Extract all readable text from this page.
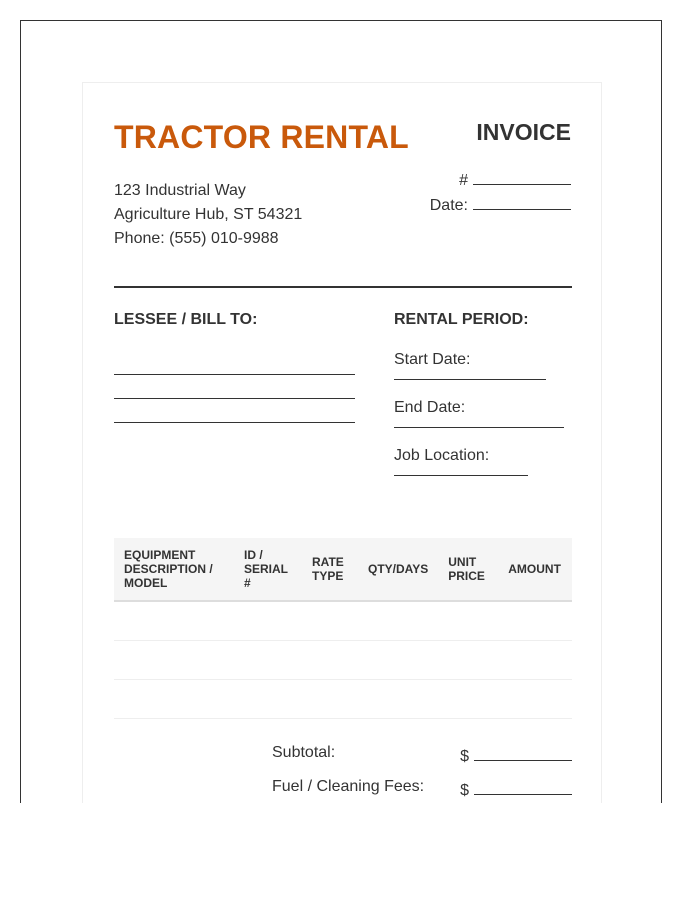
TRACTOR RENTAL
123 Industrial Way
Agriculture Hub, ST 54321
Phone: (555) 010-9988
INVOICE
#
Date:
LESSEE / BILL TO:	RENTAL PERIOD:
Start Date:
End Date:
Job Location:
EQUIPMENT DESCRIPTION / MODEL	ID / SERIAL #	RATE TYPE	QTY/DAYS	UNIT PRICE	AMOUNT

Subtotal:	$
Fuel / Cleaning Fees: $
